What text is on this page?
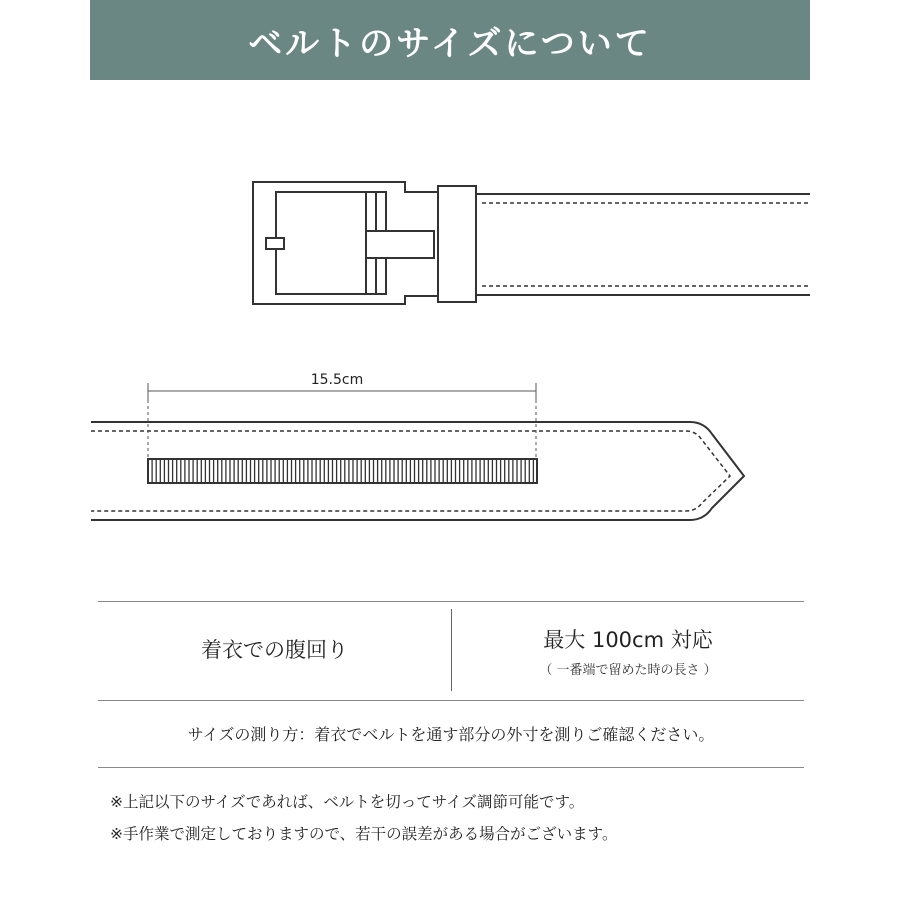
ベルトのサイズについて
15.5cm
着衣での腹回り	最大 100cm 対応
（ 一番端で留めた時の長さ ）
サイズの測り方：着衣でベルトを通す部分の外寸を測りご確認ください。
※上記以下のサイズであれば、ベルトを切ってサイズ調節可能です。
※手作業で測定しておりますので、若干の誤差がある場合がございます。
